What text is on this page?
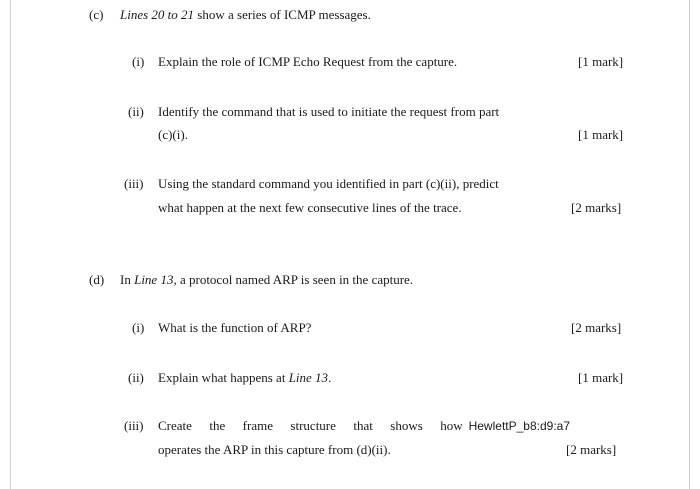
(c) Lines 20 to 21 show a series of ICMP messages.
(i) Explain the role of ICMP Echo Request from the capture.	[1 mark]
(ii) Identify the command that is used to initiate the request from part
(c)(i).	[1 mark]
(iii) Using the standard command you identified in part (c)(ii), predict
what happen at the next few consecutive lines of the trace.	[2 marks]
(d) In Line 13, a protocol named ARP is seen in the capture.
(i) What is the function of ARP?	[2 marks]
(ii) Explain what happens at Line 13.	[1 mark]
(iii) Create the frame structure that shows how HewlettP_b8:d9:a7
operates the ARP in this capture from (d)(ii).	[2 marks]
